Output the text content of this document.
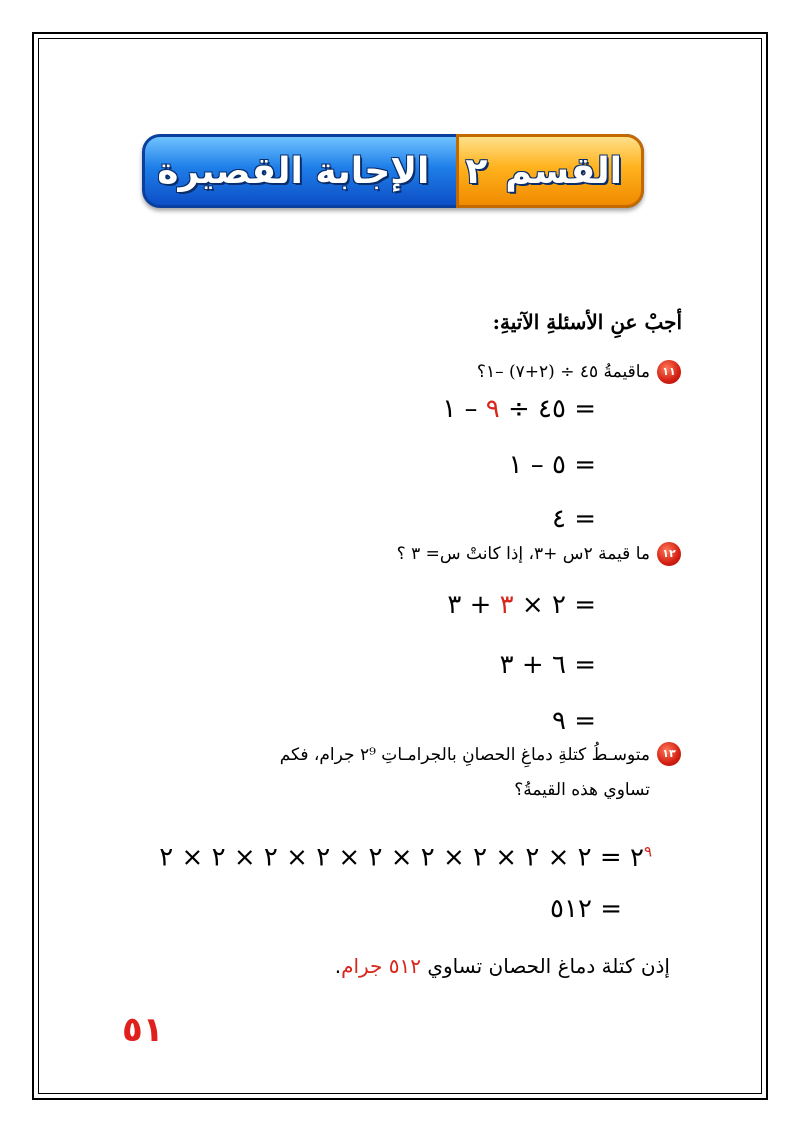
القسم
٢
الإجابة القصيرة
أجبْ عنِ الأسئلةِ الآتيةِ:
١١
ماقيمةُ ٤٥ ÷ (٢+٧) –١؟
= ٤٥ ÷ ٩ – ١
= ٥ – ١
= ٤
١٢
ما قيمة ٢س +٣، إذا كانتْ س= ٣ ؟
= ٢ × ٣ + ٣
= ٦ + ٣
= ٩
١٣
متوسـطُ كتلةِ دماغِ الحصانِ بالجرامـاتِ ٢⁹ جرام، فكم
تساوي هذه القيمةُ؟
$٢^٩$ = ٢ × ٢ × ٢ × ٢ × ٢ × ٢ × ٢ × ٢ × ٢
= ٥١٢
إذن كتلة دماغ الحصان تساوي ٥١٢ جرام.
٥١
